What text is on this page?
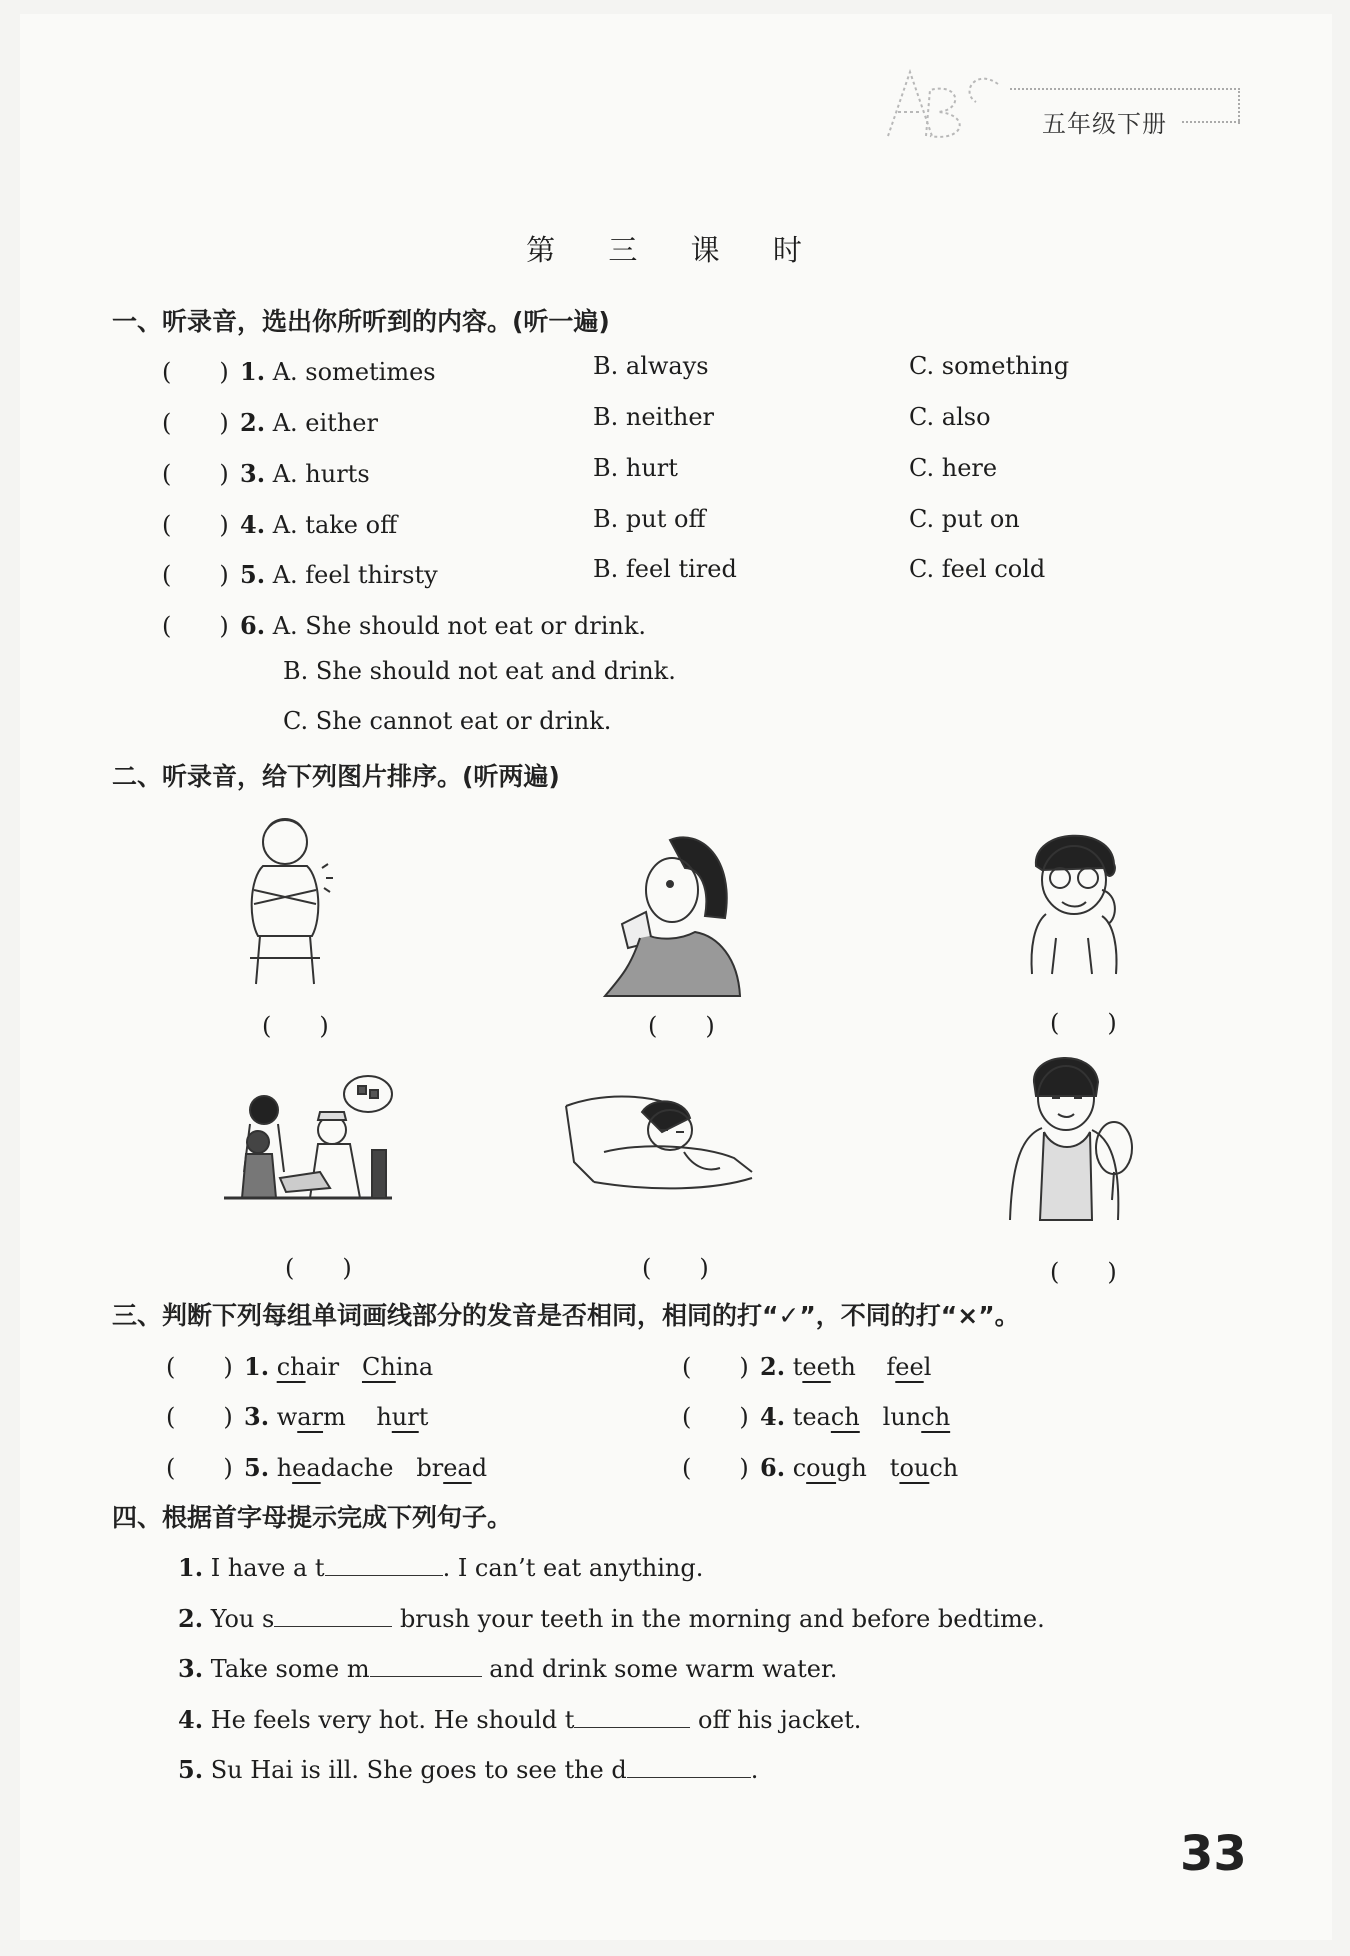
五年级下册
第 三 课 时
一、听录音，选出你所听到的内容。(听一遍)
(　　) 1. A. sometimes	B. always	C. something
(　　) 2. A. either	B. neither	C. also
(　　) 3. A. hurts	B. hurt	C. here
(　　) 4. A. take off	B. put off	C. put on
(　　) 5. A. feel thirsty	B. feel tired	C. feel cold
(　　) 6. A. She should not eat or drink.
B. She should not eat and drink.
C. She cannot eat or drink.
二、听录音，给下列图片排序。(听两遍)
(　　)	(　　)	(　　)
(　　)	(　　)	(　　)
三、判断下列每组单词画线部分的发音是否相同，相同的打“✓”，不同的打“×”。
(　　) 1. chair China	(　　) 2. teeth feel
(　　) 3. warm hurt	(　　) 4. teach lunch
(　　) 5. headache bread	(　　) 6. cough touch
四、根据首字母提示完成下列句子。
1. I have a t	. I can’t eat anything.
2. You s	brush your teeth in the morning and before bedtime.
3. Take some m	and drink some warm water.
4. He feels very hot. He should t	off his jacket.
5. Su Hai is ill. She goes to see the d	.
33
